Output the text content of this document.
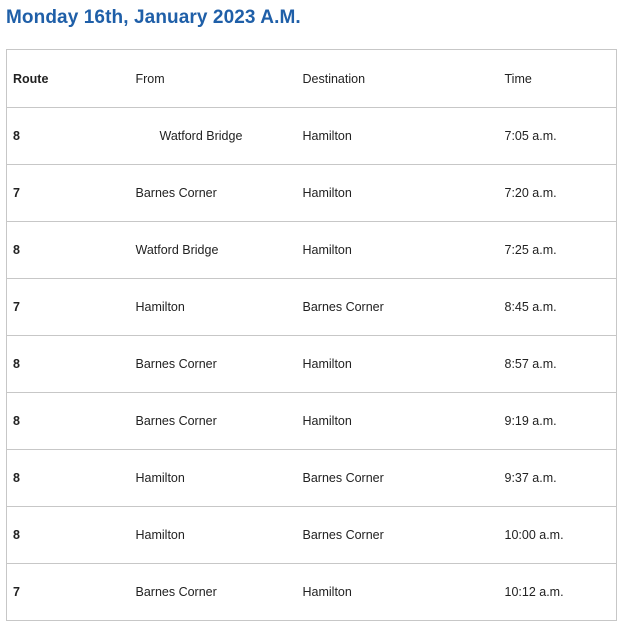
Monday 16th, January 2023 A.M.
Route	From	Destination	Time
8	Watford Bridge	Hamilton	7:05 a.m.
7	Barnes Corner	Hamilton	7:20 a.m.
8	Watford Bridge	Hamilton	7:25 a.m.
7	Hamilton	Barnes Corner	8:45 a.m.
8	Barnes Corner	Hamilton	8:57 a.m.
8	Barnes Corner	Hamilton	9:19 a.m.
8	Hamilton	Barnes Corner	9:37 a.m.
8	Hamilton	Barnes Corner	10:00 a.m.
7	Barnes Corner	Hamilton	10:12 a.m.
